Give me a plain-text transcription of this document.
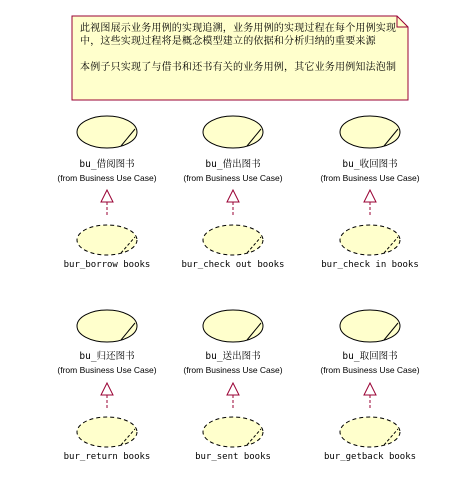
此视图展示业务用例的实现追溯，业务用例的实现过程在每个用例实现中，这些实现过程将是概念模型建立的依据和分析归纳的重要来源

本例子只实现了与借书和还书有关的业务用例，其它业务用例知法泡制

bu_借阅图书
(from Business Use Case)
bur_borrow books
bu_借出图书
(from Business Use Case)
bur_check out books
bu_收回图书
(from Business Use Case)
bur_check in books
bu_归还图书
(from Business Use Case)
bur_return books
bu_送出图书
(from Business Use Case)
bur_sent books
bu_取回图书
(from Business Use Case)
bur_getback books
